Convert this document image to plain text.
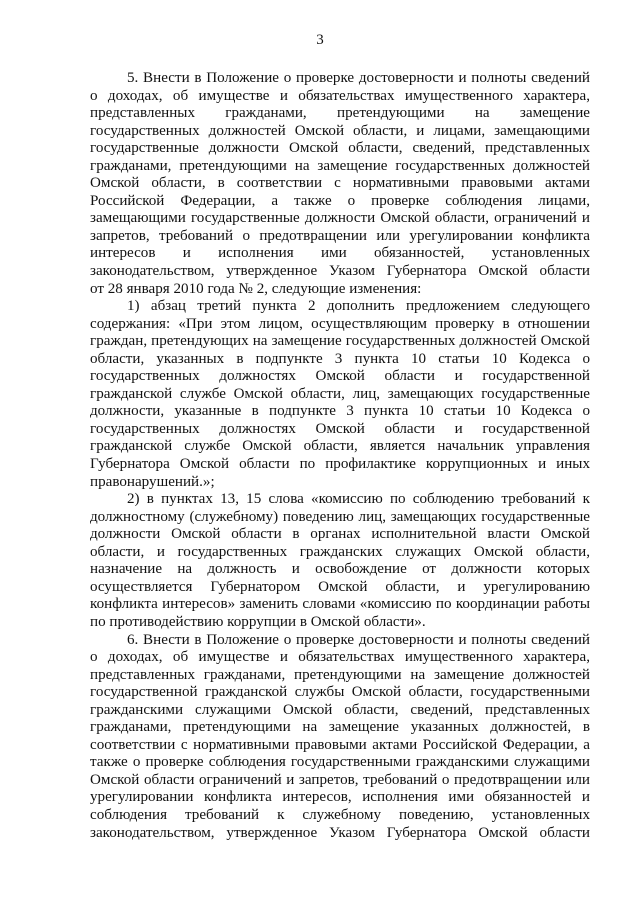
3
5. Внести в Положение о проверке достоверности и полноты сведений
о доходах, об имуществе и обязательствах имущественного характера,
представленных гражданами, претендующими на замещение
государственных должностей Омской области, и лицами, замещающими
государственные должности Омской области, сведений, представленных
гражданами, претендующими на замещение государственных должностей
Омской области, в соответствии с нормативными правовыми актами
Российской Федерации, а также о проверке соблюдения лицами,
замещающими государственные должности Омской области, ограничений и
запретов, требований о предотвращении или урегулировании конфликта
интересов и исполнения ими обязанностей, установленных
законодательством, утвержденное Указом Губернатора Омской области
от 28 января 2010 года № 2, следующие изменения:
1) абзац третий пункта 2 дополнить предложением следующего
содержания: «При этом лицом, осуществляющим проверку в отношении
граждан, претендующих на замещение государственных должностей Омской
области, указанных в подпункте 3 пункта 10 статьи 10 Кодекса о
государственных должностях Омской области и государственной
гражданской службе Омской области, лиц, замещающих государственные
должности, указанные в подпункте 3 пункта 10 статьи 10 Кодекса о
государственных должностях Омской области и государственной
гражданской службе Омской области, является начальник управления
Губернатора Омской области по профилактике коррупционных и иных
правонарушений.»;
2) в пунктах 13, 15 слова «комиссию по соблюдению требований к
должностному (служебному) поведению лиц, замещающих государственные
должности Омской области в органах исполнительной власти Омской
области, и государственных гражданских служащих Омской области,
назначение на должность и освобождение от должности которых
осуществляется Губернатором Омской области, и урегулированию
конфликта интересов» заменить словами «комиссию по координации работы
по противодействию коррупции в Омской области».
6. Внести в Положение о проверке достоверности и полноты сведений
о доходах, об имуществе и обязательствах имущественного характера,
представленных гражданами, претендующими на замещение должностей
государственной гражданской службы Омской области, государственными
гражданскими служащими Омской области, сведений, представленных
гражданами, претендующими на замещение указанных должностей, в
соответствии с нормативными правовыми актами Российской Федерации, а
также о проверке соблюдения государственными гражданскими служащими
Омской области ограничений и запретов, требований о предотвращении или
урегулировании конфликта интересов, исполнения ими обязанностей и
соблюдения требований к служебному поведению, установленных
законодательством, утвержденное Указом Губернатора Омской области
